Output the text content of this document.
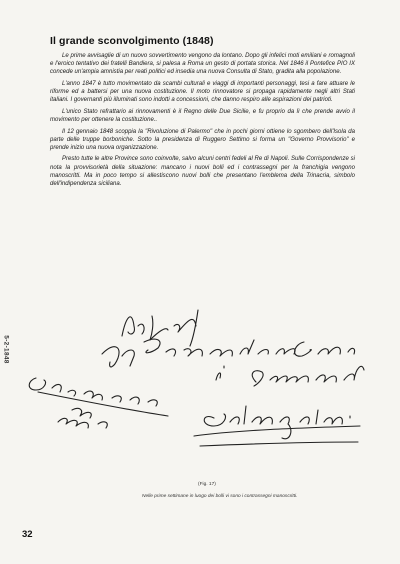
Il grande sconvolgimento (1848)

Le prime avvisaglie di un nuovo sovvertimento vengono da lontano. Dopo gli infelici moti emiliani e romagnoli e l'eroico tentativo dei fratelli Bandiera, si palesa a Roma un gesto di portata storica. Nel 1846 il Pontefice PIO IX concede un'ampia amnistia per reati politici ed insedia una nuova Consulta di Stato, gradita alla popolazione.

L'anno 1847 è tutto movimentato da scambi culturali e viaggi di importanti personaggi, tesi a fare attuare le riforme ed a battersi per una nuova costituzione. Il moto rinnovatore si propaga rapidamente negli altri Stati italiani. I governanti più illuminati sono indotti a concessioni, che danno respiro alle aspirazioni dei patrioti.

L'unico Stato refrattario ai rinnovamenti è il Regno delle Due Sicilie, e fu proprio da lì che prende avvio il movimento per ottenere la costituzione..

Il 12 gennaio 1848 scoppia la "Rivoluzione di Palermo" che in pochi giorni ottiene lo sgombero dell'Isola da parte delle truppe borboniche. Sotto la presidenza di Ruggero Settimo si forma un "Governo Provvisorio" e prende inizio una nuova organizzazione.

Presto tutte le altre Province sono coinvolte, salvo alcuni centri fedeli al Re di Napoli. Sulle Corrispondenze si nota la provvisorietà della situazione: mancano i nuovi bolli ed i contrassegni per la franchigia vengono manoscritti. Ma in poco tempo si allestiscono nuovi bolli che presentano l'emblema della Trinacria, simbolo dell'indipendenza siciliana.

5-2-1848
(Fig. 17)
Nelle prime settimane in luogo dei bolli vi sono i contrassegni manoscritti.
32
